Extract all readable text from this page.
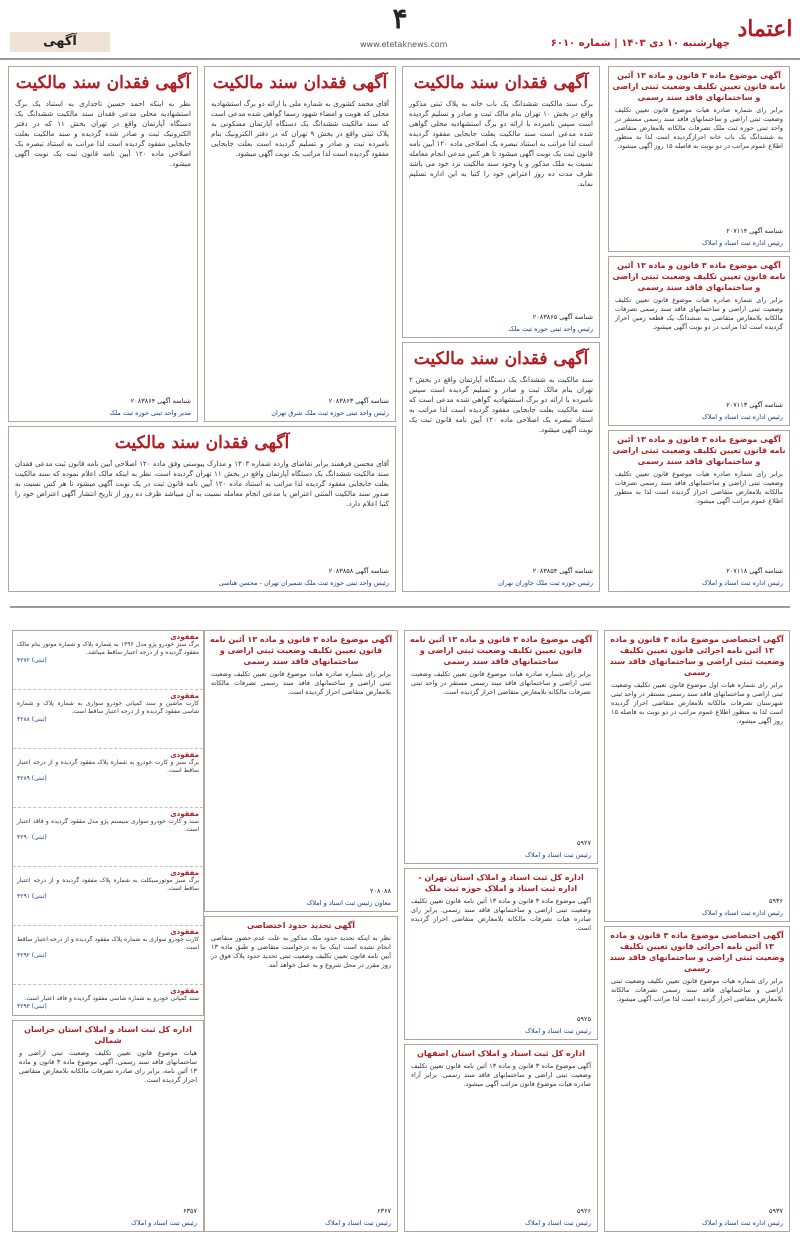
اعتماد
چهارشنبه ۱۰ دی ۱۴۰۳ | شماره ۶۰۱۰
۴
www.etetaknews.com
آگهی
آگهی موضوع ماده ۳ قانون و ماده ۱۳ آئین نامه قانون تعیین تکلیف وضعیت ثبتی اراضی و ساختمانهای فاقد سند رسمی
برابر رای شماره صادره هیات موضوع قانون تعیین تکلیف وضعیت ثبتی اراضی و ساختمانهای فاقد سند رسمی مستقر در واحد ثبتی حوزه ثبت ملک تصرفات مالکانه بلامعارض متقاضی به ششدانگ یک باب خانه احرازگردیده است لذا به منظور اطلاع عموم مراتب در دو نوبت به فاصله ۱۵ روز آگهی میشود.
شناسه آگهی ۲۰۷۱۱۴
رئیس اداره ثبت اسناد و املاک
آگهی موضوع ماده ۳ قانون و ماده ۱۳ آئین نامه قانون تعیین تکلیف وضعیت ثبتی اراضی و ساختمانهای فاقد سند رسمی
برابر رای شماره صادره هیات موضوع قانون تعیین تکلیف وضعیت ثبتی اراضی و ساختمانهای فاقد سند رسمی تصرفات مالکانه بلامعارض متقاضی به ششدانگ یک قطعه زمین احراز گردیده است لذا مراتب در دو نوبت آگهی میشود.
شناسه آگهی ۲۰۷۱۱۳
رئیس اداره ثبت اسناد و املاک
آگهی موضوع ماده ۳ قانون و ماده ۱۳ آئین نامه قانون تعیین تکلیف وضعیت ثبتی اراضی و ساختمانهای فاقد سند رسمی
برابر رای شماره صادره هیات موضوع قانون تعیین تکلیف وضعیت ثبتی اراضی و ساختمانهای فاقد سند رسمی تصرفات مالکانه بلامعارض متقاضی احراز گردیده است لذا به منظور اطلاع عموم مراتب آگهی میشود.
شناسه آگهی ۲۰۷۱۱۸
رئیس اداره ثبت اسناد و املاک
آگهی فقدان سند مالکیت
برگ سند مالکیت ششدانگ یک باب خانه به پلاک ثبتی مذکور واقع در بخش ۱۰ تهران بنام مالک ثبت و صادر و تسلیم گردیده است سپس نامبرده با ارائه دو برگ استشهادیه محلی گواهی شده مدعی است سند مالکیت بعلت جابجایی مفقود گردیده است لذا مراتب به استناد تبصره یک اصلاحی ماده ۱۲۰ آیین نامه قانون ثبت یک نوبت آگهی میشود تا هر کس مدعی انجام معامله نسبت به ملک مذکور و یا وجود سند مالکیت نزد خود می باشد ظرف مدت ده روز اعتراض خود را کتبا به این اداره تسلیم نماید.
شناسه آگهی ۲۰۸۳۸۶۵
رئیس واحد ثبتی حوزه ثبت ملک
آگهی فقدان سند مالکیت
آقای محمد کشوری به شماره ملی با ارائه دو برگ استشهادیه محلی که هویت و امضاء شهود رسما گواهی شده مدعی است که سند مالکیت ششدانگ یک دستگاه آپارتمان مسکونی به پلاک ثبتی واقع در بخش ۹ تهران که در دفتر الکترونیک بنام نامبرده ثبت و صادر و تسلیم گردیده است بعلت جابجایی مفقود گردیده است لذا مراتب یک نوبت آگهی میشود.
شناسه آگهی ۲۰۸۳۸۶۳
رئیس واحد ثبتی حوزه ثبت ملک شرق تهران
آگهی فقدان سند مالکیت
نظر به اینکه احمد حسین تاجداری به استناد یک برگ استشهادیه محلی مدعی فقدان سند مالکیت ششدانگ یک دستگاه آپارتمان واقع در تهران بخش ۱۱ که در دفتر الکترونیک ثبت و صادر شده گردیده و سند مالکیت بعلت جابجایی مفقود گردیده است لذا مراتب به استناد تبصره یک اصلاحی ماده ۱۲۰ آیین نامه قانون ثبت یک نوبت آگهی میشود.
شناسه آگهی ۲۰۸۳۸۶۴
مدیر واحد ثبتی حوزه ثبت ملک
آگهی فقدان سند مالکیت
سند مالکیت به ششدانگ یک دستگاه آپارتمان واقع در بخش ۲ تهران بنام مالک ثبت و صادر و تسلیم گردیده است سپس نامبرده با ارائه دو برگ استشهادیه گواهی شده مدعی است که سند مالکیت بعلت جابجایی مفقود گردیده است لذا مراتب به استناد تبصره یک اصلاحی ماده ۱۲۰ آیین نامه قانون ثبت یک نوبت آگهی میشود.
شناسه آگهی ۲۰۸۳۸۵۴
رئیس حوزه ثبت ملک خاوران تهران
آگهی فقدان سند مالکیت
آقای محسن فرهمند برابر تقاضای وارده شماره ۱۴۰۳ و مدارک پیوستی وفق ماده ۱۲۰ اصلاحی آیین نامه قانون ثبت مدعی فقدان سند مالکیت ششدانگ یک دستگاه آپارتمان واقع در بخش ۱۱ تهران گردیده است، نظر به اینکه مالک اعلام نموده که سند مالکیت بعلت جابجایی مفقود گردیده لذا مراتب به استناد ماده ۱۲۰ آیین نامه قانون ثبت در یک نوبت آگهی میشود تا هر کس نسبت به صدور سند مالکیت المثنی اعتراض یا مدعی انجام معامله نسبت به آن میباشد ظرف ده روز از تاریخ انتشار آگهی اعتراض خود را کتبا اعلام دارد.
شناسه آگهی ۲۰۸۳۸۵۸
رئیس واحد ثبتی حوزه ثبت ملک شمیران تهران - محسن هناسی
آگهی اختصاصی موضوع ماده ۳ قانون و ماده ۱۳ آئین نامه اجرائی قانون تعیین تکلیف وضعیت ثبتی اراضی و ساختمانهای فاقد سند رسمی
برابر رای شماره هیات اول موضوع قانون تعیین تکلیف وضعیت ثبتی اراضی و ساختمانهای فاقد سند رسمی مستقر در واحد ثبتی شهرستان تصرفات مالکانه بلامعارض متقاضی احراز گردیده است لذا به منظور اطلاع عموم مراتب در دو نوبت به فاصله ۱۵ روز آگهی میشود.
۵۹۳۶
رئیس اداره ثبت اسناد و املاک
آگهی اختصاصی موضوع ماده ۳ قانون و ماده ۱۳ آئین نامه اجرائی قانون تعیین تکلیف وضعیت ثبتی اراضی و ساختمانهای فاقد سند رسمی
برابر رای شماره هیات موضوع قانون تعیین تکلیف وضعیت ثبتی اراضی و ساختمانهای فاقد سند رسمی تصرفات مالکانه بلامعارض متقاضی احراز گردیده است لذا مراتب آگهی میشود.
۵۹۳۷
رئیس اداره ثبت اسناد و املاک
آگهی موضوع ماده ۳ قانون و ماده ۱۳ آئین نامه قانون تعیین تکلیف وضعیت ثبتی اراضی و ساختمانهای فاقد سند رسمی
برابر رای شماره صادره هیات موضوع قانون تعیین تکلیف وضعیت ثبتی اراضی و ساختمانهای فاقد سند رسمی مستقر در واحد ثبتی تصرفات مالکانه بلامعارض متقاضی احراز گردیده است.
۵۹۲۷
رئیس ثبت اسناد و املاک
اداره کل ثبت اسناد و املاک استان تهران - اداره ثبت اسناد و املاک حوزه ثبت ملک
آگهی موضوع ماده ۳ قانون و ماده ۱۳ آئین نامه قانون تعیین تکلیف وضعیت ثبتی اراضی و ساختمانهای فاقد سند رسمی. برابر رای صادره هیات تصرفات مالکانه بلامعارض متقاضی احراز گردیده است.
۵۹۲۵
رئیس ثبت اسناد و املاک
اداره کل ثبت اسناد و املاک استان اصفهان
آگهی موضوع ماده ۳ قانون و ماده ۱۳ آئین نامه قانون تعیین تکلیف وضعیت ثبتی اراضی و ساختمانهای فاقد سند رسمی. برابر آراء صادره هیات موضوع قانون مراتب آگهی میشود.
۵۹۲۶
رئیس ثبت اسناد و املاک
آگهی موضوع ماده ۳ قانون و ماده ۱۳ آئین نامه قانون تعیین تکلیف وضعیت ثبتی اراضی و ساختمانهای فاقد سند رسمی
برابر رای شماره صادره هیات موضوع قانون تعیین تکلیف وضعیت ثبتی اراضی و ساختمانهای فاقد سند رسمی تصرفات مالکانه بلامعارض متقاضی احراز گردیده است.
۲۰۸۰۸۸
معاون رئیس ثبت اسناد و املاک
آگهی تحدید حدود اختصاصی
نظر به اینکه تحدید حدود ملک مذکور به علت عدم حضور متقاضی انجام نشده است اینک بنا به درخواست متقاضی و طبق ماده ۱۳ آیین نامه قانون تعیین تکلیف وضعیت ثبتی تحدید حدود پلاک فوق در روز مقرر در محل شروع و به عمل خواهد آمد.
۶۳۶۷
رئیس ثبت اسناد و املاک
مفقودی
برگ سبز خودرو پژو مدل ۱۳۹۶ به شماره پلاک و شماره موتور بنام مالک مفقود گردیده و از درجه اعتبار ساقط میباشد.
(ثبتی) ۴۲۷۲
مفقودی
کارت ماشین و سند کمپانی خودرو سواری به شماره پلاک و شماره شاسی مفقود گردیده و از درجه اعتبار ساقط است.
(ثبتی) ۴۲۸۸
مفقودی
برگ سبز و کارت خودرو به شماره پلاک مفقود گردیده و از درجه اعتبار ساقط است.
(ثبتی) ۴۲۸۹
مفقودی
سند و کارت خودرو سواری سیستم پژو مدل مفقود گردیده و فاقد اعتبار است.
(ثبتی) ۴۲۹۰
مفقودی
برگ سبز موتورسیکلت به شماره پلاک مفقود گردیده و از درجه اعتبار ساقط است.
(ثبتی) ۴۲۹۱
مفقودی
کارت خودرو سواری به شماره پلاک مفقود گردیده و از درجه اعتبار ساقط است.
(ثبتی) ۴۲۹۲
مفقودی
سند کمپانی خودرو به شماره شاسی مفقود گردیده و فاقد اعتبار است.
(ثبتی) ۴۲۹۳
اداره کل ثبت اسناد و املاک استان خراسان شمالی
هیات موضوع قانون تعیین تکلیف وضعیت ثبتی اراضی و ساختمانهای فاقد سند رسمی. آگهی موضوع ماده ۳ قانون و ماده ۱۳ آئین نامه، برابر رای صادره تصرفات مالکانه بلامعارض متقاضی احراز گردیده است.
۶۳۵۷
رئیس ثبت اسناد و املاک
